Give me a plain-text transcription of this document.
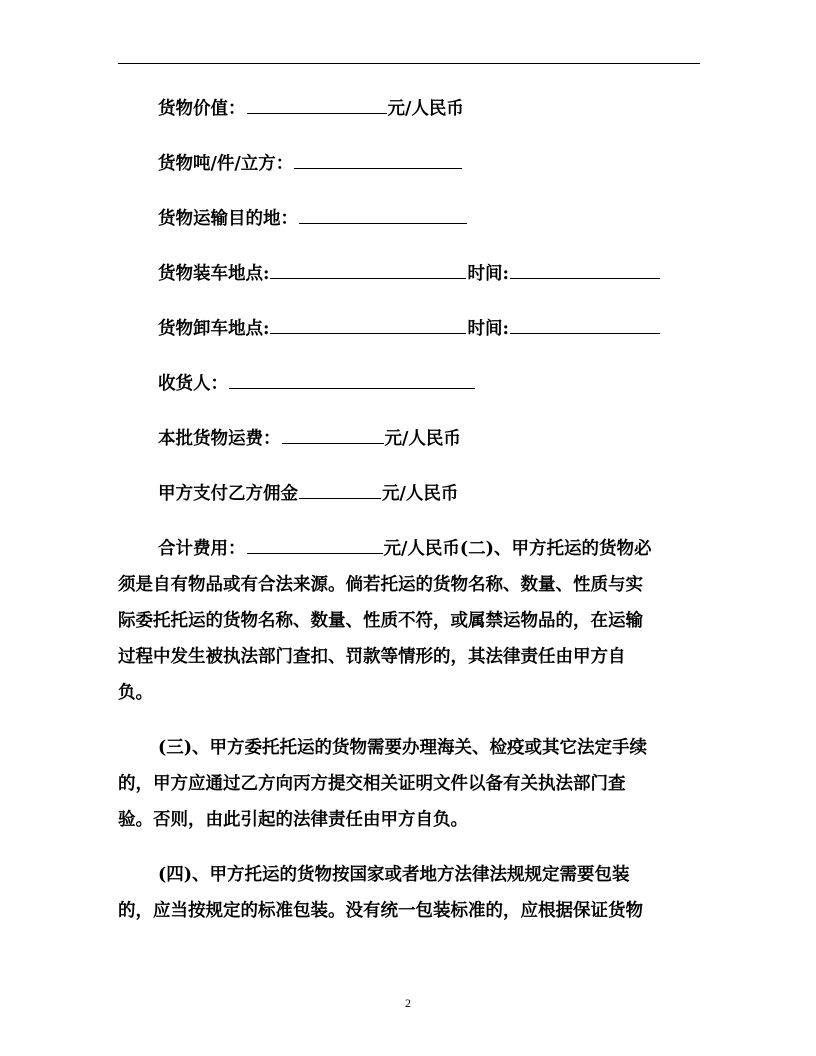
货物价值：	元/人民币
货物吨/件/立方：
货物运输目的地：
货物装车地点:	时间:
货物卸车地点:	时间:
收货人：
本批货物运费：	元/人民币
甲方支付乙方佣金	元/人民币
合计费用：	元/人民币(二)、甲方托运的货物必
须是自有物品或有合法来源。倘若托运的货物名称、数量、性质与实
际委托托运的货物名称、数量、性质不符，或属禁运物品的，在运输
过程中发生被执法部门查扣、罚款等情形的，其法律责任由甲方自
负。
(三)、甲方委托托运的货物需要办理海关、检疫或其它法定手续
的，甲方应通过乙方向丙方提交相关证明文件以备有关执法部门查
验。否则，由此引起的法律责任由甲方自负。
(四)、甲方托运的货物按国家或者地方法律法规规定需要包装
的，应当按规定的标准包装。没有统一包装标准的，应根据保证货物
2
